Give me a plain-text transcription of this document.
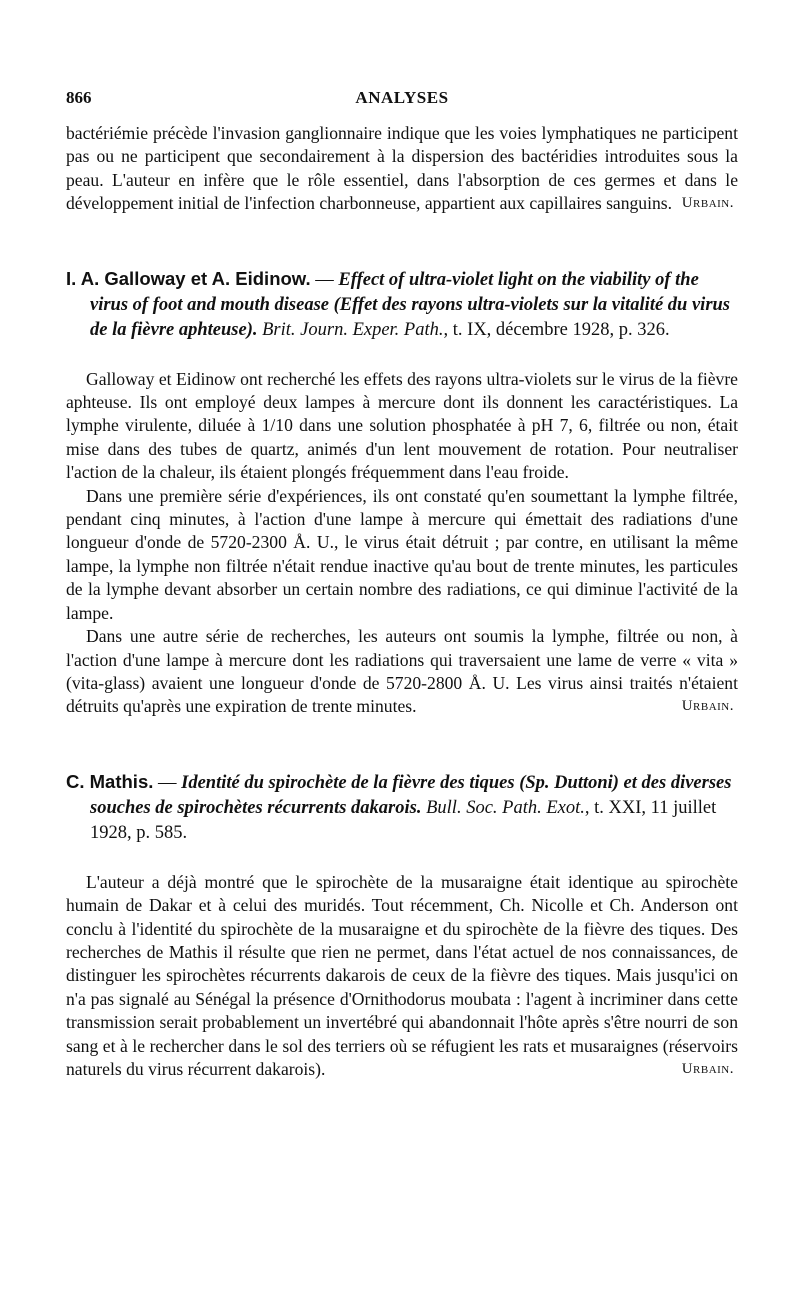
866	ANALYSES

bactériémie précède l'invasion ganglionnaire indique que les voies lymphatiques ne participent pas ou ne participent que secondairement à la dispersion des bactéridies introduites sous la peau. L'auteur en infère que le rôle essentiel, dans l'absorption de ces germes et dans le développement initial de l'infection charbonneuse, appartient aux capillaires sanguins. Urbain.

I. A. Galloway et A. Eidinow. — Effect of ultra-violet light on the viability of the virus of foot and mouth disease (Effet des rayons ultra-violets sur la vitalité du virus de la fièvre aphteuse). Brit. Journ. Exper. Path., t. IX, décembre 1928, p. 326.

Galloway et Eidinow ont recherché les effets des rayons ultra-violets sur le virus de la fièvre aphteuse. Ils ont employé deux lampes à mercure dont ils donnent les caractéristiques. La lymphe virulente, diluée à 1/10 dans une solution phosphatée à pH 7, 6, filtrée ou non, était mise dans des tubes de quartz, animés d'un lent mouvement de rotation. Pour neutraliser l'action de la chaleur, ils étaient plongés fréquemment dans l'eau froide.

Dans une première série d'expériences, ils ont constaté qu'en soumettant la lymphe filtrée, pendant cinq minutes, à l'action d'une lampe à mercure qui émettait des radiations d'une longueur d'onde de 5720-2300 Å. U., le virus était détruit ; par contre, en utilisant la même lampe, la lymphe non filtrée n'était rendue inactive qu'au bout de trente minutes, les particules de la lymphe devant absorber un certain nombre des radiations, ce qui diminue l'activité de la lampe.

Dans une autre série de recherches, les auteurs ont soumis la lymphe, filtrée ou non, à l'action d'une lampe à mercure dont les radiations qui traversaient une lame de verre « vita » (vita-glass) avaient une longueur d'onde de 5720-2800 Å. U. Les virus ainsi traités n'étaient détruits qu'après une expiration de trente minutes.	Urbain.

C. Mathis. — Identité du spirochète de la fièvre des tiques (Sp. Duttoni) et des diverses souches de spirochètes récurrents dakarois. Bull. Soc. Path. Exot., t. XXI, 11 juillet 1928, p. 585.

L'auteur a déjà montré que le spirochète de la musaraigne était identique au spirochète humain de Dakar et à celui des muridés. Tout récemment, Ch. Nicolle et Ch. Anderson ont conclu à l'identité du spirochète de la musaraigne et du spirochète de la fièvre des tiques. Des recherches de Mathis il résulte que rien ne permet, dans l'état actuel de nos connaissances, de distinguer les spirochètes récurrents dakarois de ceux de la fièvre des tiques. Mais jusqu'ici on n'a pas signalé au Sénégal la présence d'Ornithodorus moubata : l'agent à incriminer dans cette transmission serait probablement un invertébré qui abandonnait l'hôte après s'être nourri de son sang et à le rechercher dans le sol des terriers où se réfugient les rats et musaraignes (réservoirs naturels du virus récurrent dakarois).	Urbain.
